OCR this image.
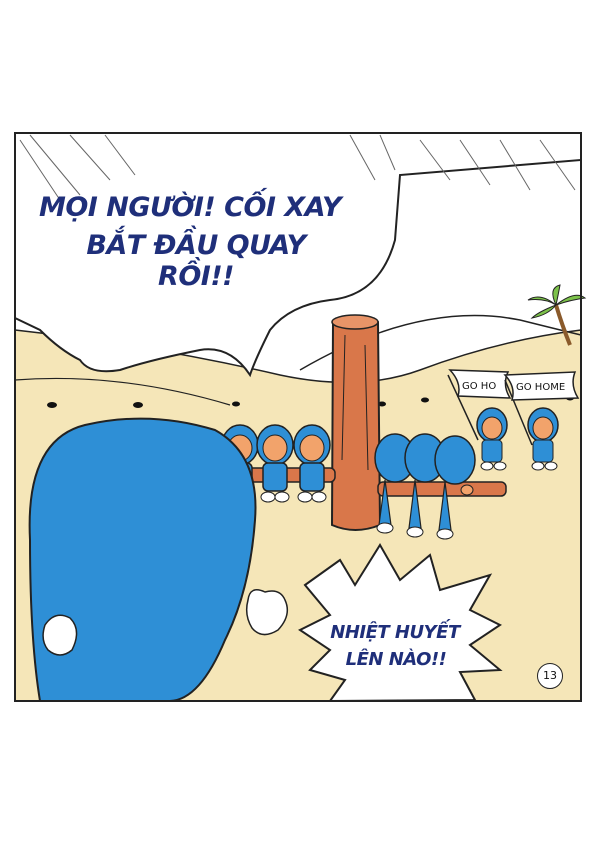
GO HO GO HOME

MỌI NGƯỜI! CỐI XAY

BẮT ĐẦU QUAY RỒI!!

NHIỆT HUYẾT

LÊN NÀO!!

13
